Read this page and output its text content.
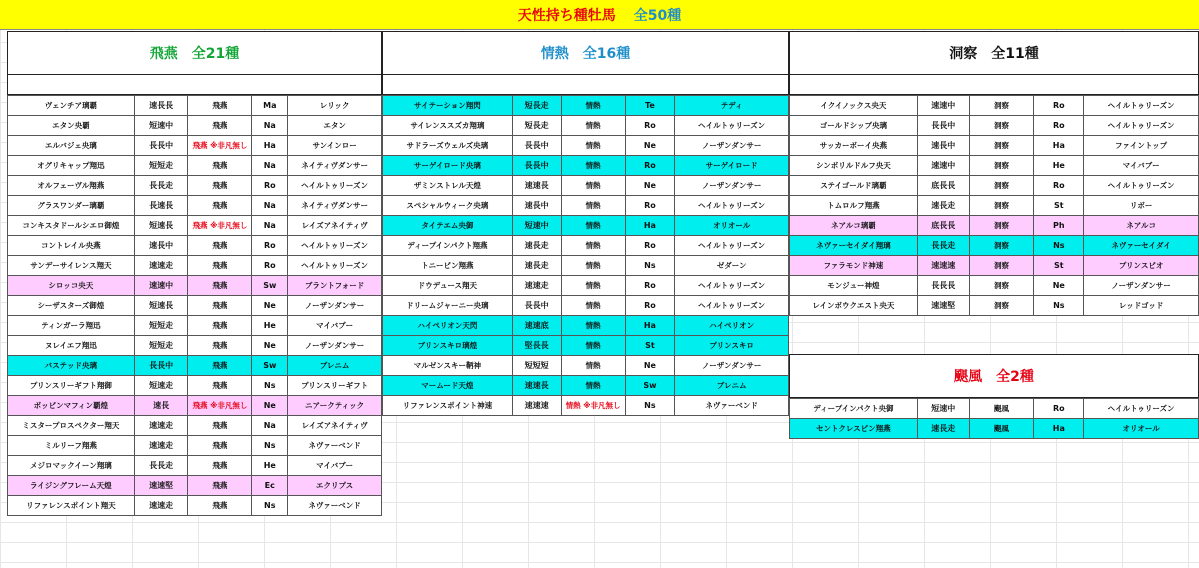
天性持ち種牡馬 全50種
飛燕 全21種
ヴェンチア璃覇	速長長	飛燕	Ma	レリック
エタン央覇	短速中	飛燕	Na	エタン
エルバジェ央璃	長長中	飛燕 ※非凡無し	Ha	サンインロー
オグリキャップ翔迅	短短走	飛燕	Na	ネイティヴダンサー
オルフェーヴル翔燕	長長走	飛燕	Ro	ヘイルトゥリーズン
グラスワンダー璃覇	長速長	飛燕	Na	ネイティヴダンサー
コンキスタドールシエロ御煌	短速長	飛燕 ※非凡無し	Na	レイズアネイティヴ
コントレイル央燕	速長中	飛燕	Ro	ヘイルトゥリーズン
サンデーサイレンス翔天	速速走	飛燕	Ro	ヘイルトゥリーズン
シロッコ央天	速速中	飛燕	Sw	ブラントフォード
シーザスターズ御煌	短速長	飛燕	Ne	ノーザンダンサー
ティンガーラ翔迅	短短走	飛燕	He	マイバブー
ヌレイエフ翔迅	短短走	飛燕	Ne	ノーザンダンサー
バステッド央璃	長長中	飛燕	Sw	ブレニム
プリンスリーギフト翔御	短速走	飛燕	Ns	プリンスリーギフト
ボッビンマフィン覇煌	速長	飛燕 ※非凡無し	Ne	ニアークティック
ミスタープロスペクター翔天	速速走	飛燕	Na	レイズアネイティヴ
ミルリーフ翔燕	速速走	飛燕	Ns	ネヴァーベンド
メジロマックイーン翔璃	長長走	飛燕	He	マイバブー
ライジングフレーム天煌	速速堅	飛燕	Ec	エクリプス
リファレンスポイント翔天	速速走	飛燕	Ns	ネヴァーベンド
情熱 全16種
サイテーション翔閃	短長走	情熱	Te	テディ
サイレンススズカ翔璃	短長走	情熱	Ro	ヘイルトゥリーズン
サドラーズウェルズ央璃	長長中	情熱	Ne	ノーザンダンサー
サーゲイロード央璃	長長中	情熱	Ro	サーゲイロード
ザミンストレル天煌	速速長	情熱	Ne	ノーザンダンサー
スペシャルウィーク央璃	速長中	情熱	Ro	ヘイルトゥリーズン
タイテエム央御	短速中	情熱	Ha	オリオール
ディープインパクト翔燕	速長走	情熱	Ro	ヘイルトゥリーズン
トニービン翔燕	速長走	情熱	Ns	ゼダーン
ドウデュース翔天	速速走	情熱	Ro	ヘイルトゥリーズン
ドリームジャーニー央璃	長長中	情熱	Ro	ヘイルトゥリーズン
ハイペリオン天閃	速速底	情熱	Ha	ハイペリオン
ブリンスキロ璃煌	堅長長	情熱	St	プリンスキロ
マルゼンスキー鞆神	短短短	情熱	Ne	ノーザンダンサー
マームード天煌	速速長	情熱	Sw	ブレニム
リファレンスポイント神速	速速速	情熱 ※非凡無し	Ns	ネヴァーベンド
洞察 全11種
イクイノックス央天	速速中	洞察	Ro	ヘイルトゥリーズン
ゴールドシップ央璃	長長中	洞察	Ro	ヘイルトゥリーズン
サッカーボーイ央燕	速長中	洞察	Ha	ファイントップ
シンボリルドルフ央天	速速中	洞察	He	マイバブー
ステイゴールド璃覇	底長長	洞察	Ro	ヘイルトゥリーズン
トムロルフ翔燕	速長走	洞察	St	リボー
ネアルコ璃覇	底長長	洞察	Ph	ネアルコ
ネヴァーセイダイ翔璃	長長走	洞察	Ns	ネヴァーセイダイ
ファラモンド神速	速速速	洞察	St	プリンスビオ
モンジュー神煌	長長長	洞察	Ne	ノーザンダンサー
レインボウクエスト央天	速速堅	洞察	Ns	レッドゴッド
颶風 全2種
ディープインパクト央御	短速中	颶風	Ro	ヘイルトゥリーズン
セントクレスピン翔燕	速長走	颶風	Ha	オリオール
